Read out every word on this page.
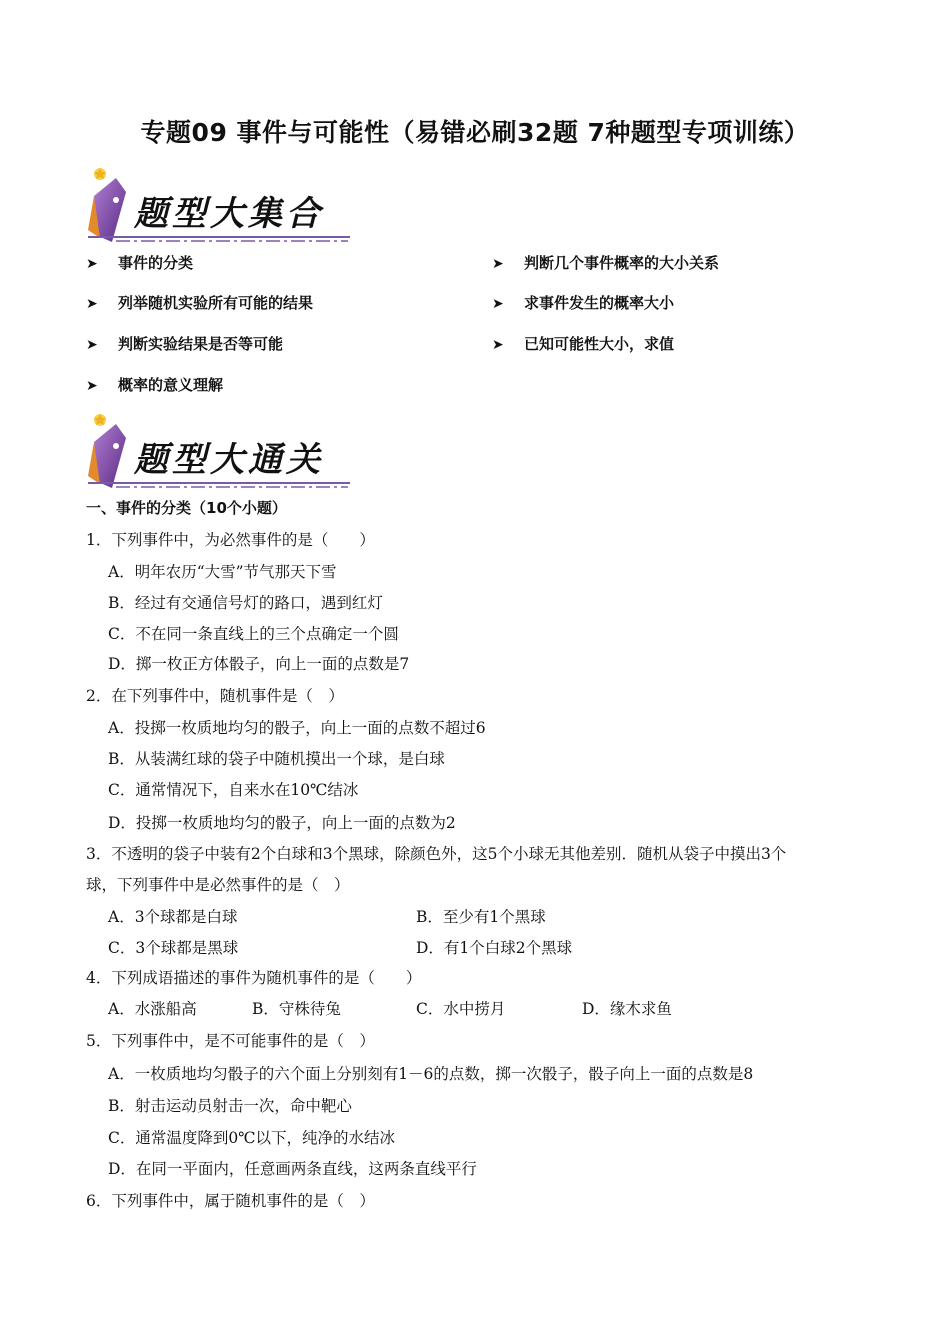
专题09 事件与可能性（易错必刷32题 7种题型专项训练）
题型大集合
➤ 事件的分类	➤ 判断几个事件概率的大小关系
➤ 列举随机实验所有可能的结果	➤ 求事件发生的概率大小
➤ 判断实验结果是否等可能	➤ 已知可能性大小，求值
➤ 概率的意义理解
题型大通关
一、事件的分类（10个小题）
1．下列事件中，为必然事件的是（　　）
A．明年农历“大雪”节气那天下雪
B．经过有交通信号灯的路口，遇到红灯
C．不在同一条直线上的三个点确定一个圆
D．掷一枚正方体骰子，向上一面的点数是7
2．在下列事件中，随机事件是（　）
A．投掷一枚质地均匀的骰子，向上一面的点数不超过6
B．从装满红球的袋子中随机摸出一个球，是白球
C．通常情况下，自来水在10℃结冰
D．投掷一枚质地均匀的骰子，向上一面的点数为2
3．不透明的袋子中装有2个白球和3个黑球，除颜色外，这5个小球无其他差别．随机从袋子中摸出3个
球，下列事件中是必然事件的是（　）
A．3个球都是白球	B．至少有1个黑球
C．3个球都是黑球	D．有1个白球2个黑球
4．下列成语描述的事件为随机事件的是（　　）
A．水涨船高	B．守株待兔	C．水中捞月	D．缘木求鱼
5．下列事件中，是不可能事件的是（　）
A．一枚质地均匀骰子的六个面上分别刻有1－6的点数，掷一次骰子，骰子向上一面的点数是8
B．射击运动员射击一次，命中靶心
C．通常温度降到0℃以下，纯净的水结冰
D．在同一平面内，任意画两条直线，这两条直线平行
6．下列事件中，属于随机事件的是（　）
